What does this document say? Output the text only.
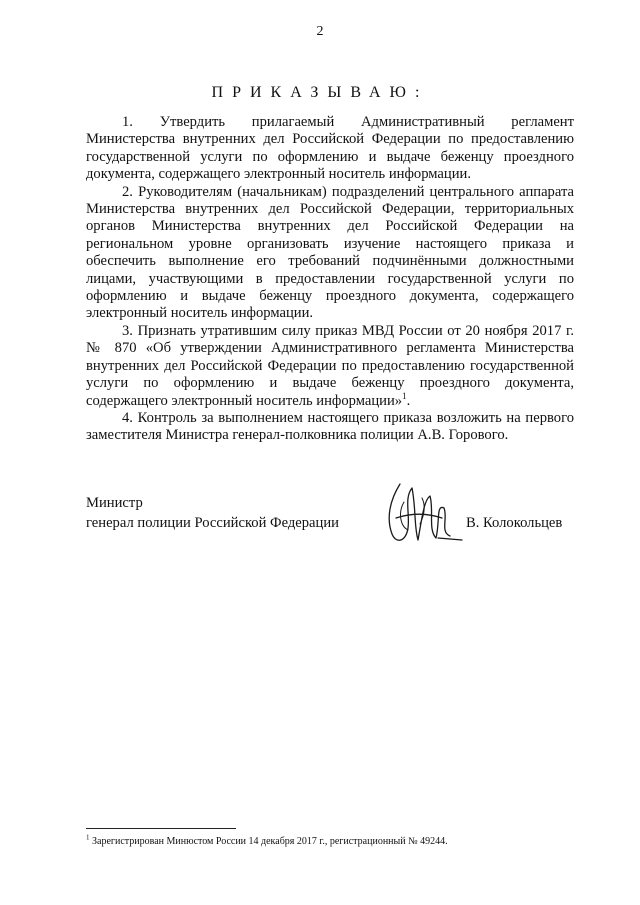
2
ПРИКАЗЫВАЮ:

1. Утвердить прилагаемый Административный регламент Министерства внутренних дел Российской Федерации по предоставлению государственной услуги по оформлению и выдаче беженцу проездного документа, содержащего электронный носитель информации.

2. Руководителям (начальникам) подразделений центрального аппарата Министерства внутренних дел Российской Федерации, территориальных органов Министерства внутренних дел Российской Федерации на региональном уровне организовать изучение настоящего приказа и обеспечить выполнение его требований подчинёнными должностными лицами, участвующими в предоставлении государственной услуги по оформлению и выдаче беженцу проездного документа, содержащего электронный носитель информации.

3. Признать утратившим силу приказ МВД России от 20 ноября 2017 г. № 870 «Об утверждении Административного регламента Министерства внутренних дел Российской Федерации по предоставлению государственной услуги по оформлению и выдаче беженцу проездного документа, содержащего электронный носитель информации»$^1$.

4. Контроль за выполнением настоящего приказа возложить на первого заместителя Министра генерал-полковника полиции А.В. Горового.

Министр
генерал полиции Российской Федерации	В. Колокольцев
$^1$ Зарегистрирован Минюстом России 14 декабря 2017 г., регистрационный № 49244.
